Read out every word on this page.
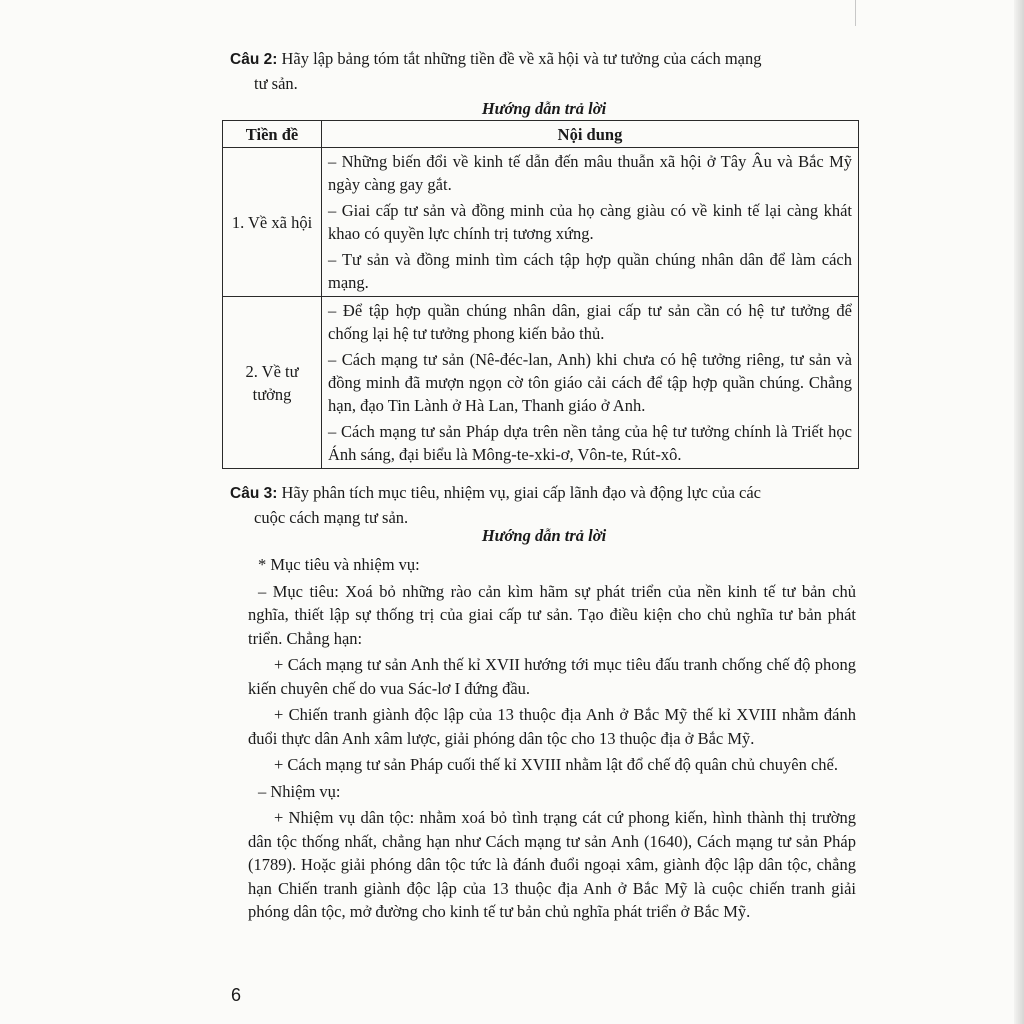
Câu 2: Hãy lập bảng tóm tắt những tiền đề về xã hội và tư tưởng của cách mạng
tư sản.
Hướng dẫn trả lời
Tiền đề	Nội dung
1. Về xã hội	– Những biến đổi về kinh tế dẫn đến mâu thuẫn xã hội ở Tây Âu và Bắc Mỹ ngày càng gay gắt.
– Giai cấp tư sản và đồng minh của họ càng giàu có về kinh tế lại càng khát khao có quyền lực chính trị tương xứng.
– Tư sản và đồng minh tìm cách tập hợp quần chúng nhân dân để làm cách mạng.

2. Về tư tưởng	– Để tập hợp quần chúng nhân dân, giai cấp tư sản cần có hệ tư tưởng để chống lại hệ tư tưởng phong kiến bảo thủ.
– Cách mạng tư sản (Nê-đéc-lan, Anh) khi chưa có hệ tưởng riêng, tư sản và đồng minh đã mượn ngọn cờ tôn giáo cải cách để tập hợp quần chúng. Chẳng hạn, đạo Tin Lành ở Hà Lan, Thanh giáo ở Anh.
– Cách mạng tư sản Pháp dựa trên nền tảng của hệ tư tưởng chính là Triết học Ánh sáng, đại biểu là Mông-te-xki-ơ, Vôn-te, Rút-xô.
Câu 3: Hãy phân tích mục tiêu, nhiệm vụ, giai cấp lãnh đạo và động lực của các
cuộc cách mạng tư sản.
Hướng dẫn trả lời

* Mục tiêu và nhiệm vụ:

– Mục tiêu: Xoá bỏ những rào cản kìm hãm sự phát triển của nền kinh tế tư bản chủ nghĩa, thiết lập sự thống trị của giai cấp tư sản. Tạo điều kiện cho chủ nghĩa tư bản phát triển. Chẳng hạn:

+ Cách mạng tư sản Anh thế kỉ XVII hướng tới mục tiêu đấu tranh chống chế độ phong kiến chuyên chế do vua Sác-lơ I đứng đầu.

+ Chiến tranh giành độc lập của 13 thuộc địa Anh ở Bắc Mỹ thế kỉ XVIII nhằm đánh đuổi thực dân Anh xâm lược, giải phóng dân tộc cho 13 thuộc địa ở Bắc Mỹ.

+ Cách mạng tư sản Pháp cuối thế kỉ XVIII nhằm lật đổ chế độ quân chủ chuyên chế.

– Nhiệm vụ:

+ Nhiệm vụ dân tộc: nhằm xoá bỏ tình trạng cát cứ phong kiến, hình thành thị trường dân tộc thống nhất, chẳng hạn như Cách mạng tư sản Anh (1640), Cách mạng tư sản Pháp (1789). Hoặc giải phóng dân tộc tức là đánh đuổi ngoại xâm, giành độc lập dân tộc, chẳng hạn Chiến tranh giành độc lập của 13 thuộc địa Anh ở Bắc Mỹ là cuộc chiến tranh giải phóng dân tộc, mở đường cho kinh tế tư bản chủ nghĩa phát triển ở Bắc Mỹ.

6
